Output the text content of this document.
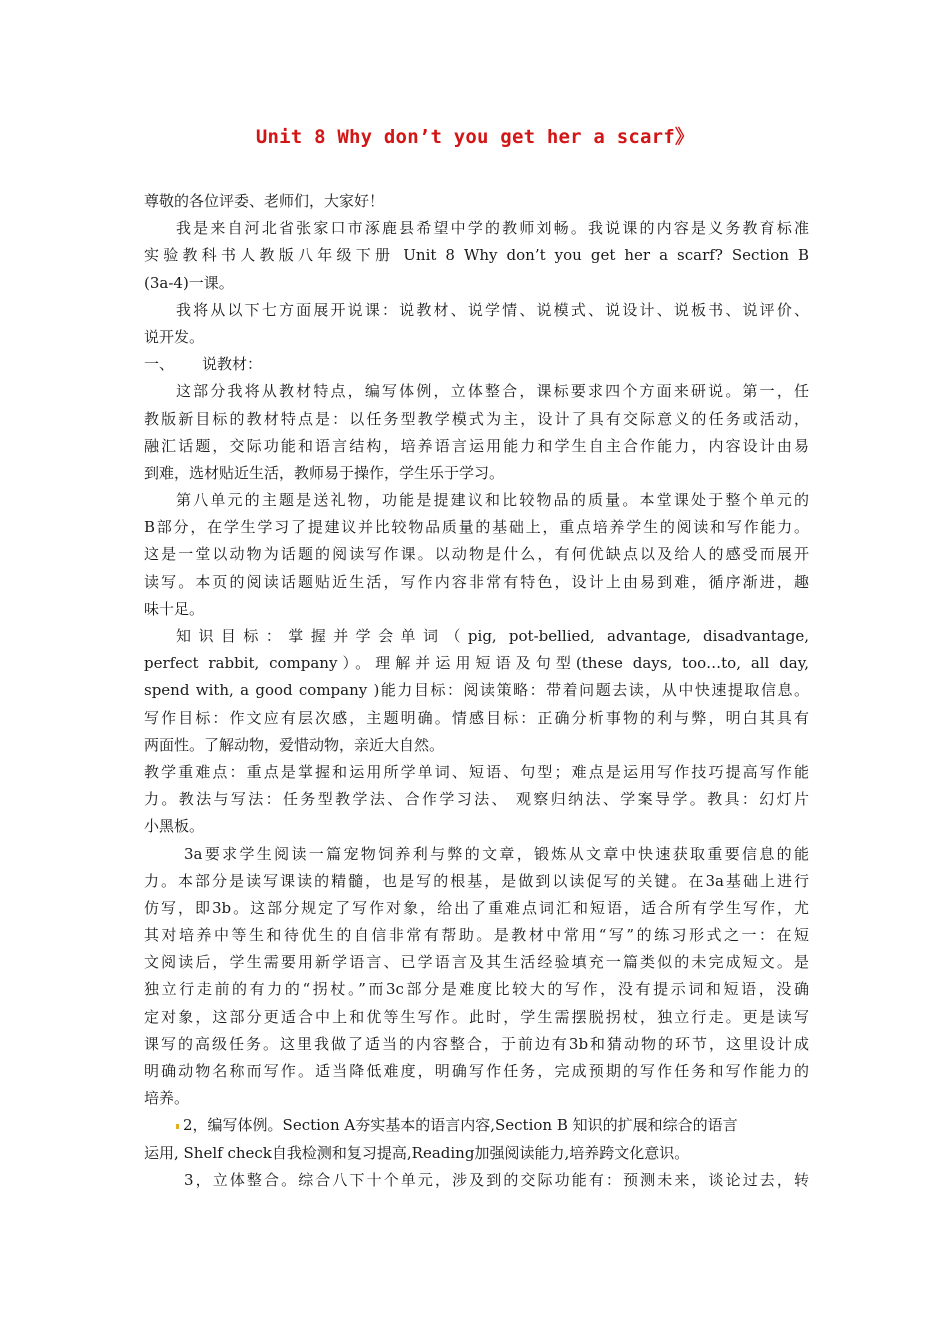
Unit 8 Why don’t you get her a scarf》
尊敬的各位评委、老师们，大家好！
我是来自河北省张家口市涿鹿县希望中学的教师刘畅。我说课的内容是义务教育标准
实验教科书人教版八年级下册 Unit 8 Why don’t you get her a scarf? Section B
(3a-4)一课。
我将从以下七方面展开说课：说教材、说学情、说模式、说设计、说板书、说评价、
说开发。
一、 说教材：
这部分我将从教材特点，编写体例，立体整合，课标要求四个方面来研说。第一，任
教版新目标的教材特点是：以任务型教学模式为主，设计了具有交际意义的任务或活动，
融汇话题，交际功能和语言结构，培养语言运用能力和学生自主合作能力，内容设计由易
到难，选材贴近生活，教师易于操作，学生乐于学习。
第八单元的主题是送礼物，功能是提建议和比较物品的质量。本堂课处于整个单元的
B部分，在学生学习了提建议并比较物品质量的基础上，重点培养学生的阅读和写作能力。
这是一堂以动物为话题的阅读写作课。以动物是什么，有何优缺点以及给人的感受而展开
读写。本页的阅读话题贴近生活，写作内容非常有特色，设计上由易到难，循序渐进，趣
味十足。
知识目标：掌握并学会单词（pig, pot-bellied, advantage, disadvantage,
perfect rabbit, company）。理解并运用短语及句型(these days, too…to, all day,
spend with, a good company )能力目标：阅读策略：带着问题去读，从中快速提取信息。
写作目标：作文应有层次感，主题明确。情感目标：正确分析事物的利与弊，明白其具有
两面性。了解动物，爱惜动物，亲近大自然。
教学重难点：重点是掌握和运用所学单词、短语、句型；难点是运用写作技巧提高写作能
力。教法与写法：任务型教学法、合作学习法、 观察归纳法、学案导学。教具：幻灯片
小黑板。
3a要求学生阅读一篇宠物饲养利与弊的文章，锻炼从文章中快速获取重要信息的能
力。本部分是读写课读的精髓，也是写的根基，是做到以读促写的关键。在3a基础上进行
仿写，即3b。这部分规定了写作对象，给出了重难点词汇和短语，适合所有学生写作，尤
其对培养中等生和待优生的自信非常有帮助。是教材中常用“写”的练习形式之一：在短
文阅读后，学生需要用新学语言、已学语言及其生活经验填充一篇类似的未完成短文。是
独立行走前的有力的“拐杖。”而3c部分是难度比较大的写作，没有提示词和短语，没确
定对象，这部分更适合中上和优等生写作。此时，学生需摆脱拐杖，独立行走。更是读写
课写的高级任务。这里我做了适当的内容整合，于前边有3b和猜动物的环节，这里设计成
明确动物名称而写作。适当降低难度，明确写作任务，完成预期的写作任务和写作能力的
培养。
2，编写体例。Section A夯实基本的语言内容,Section B 知识的扩展和综合的语言
运用, Shelf check自我检测和复习提高,Reading加强阅读能力,培养跨文化意识。
3，立体整合。综合八下十个单元，涉及到的交际功能有：预测未来，谈论过去，转
